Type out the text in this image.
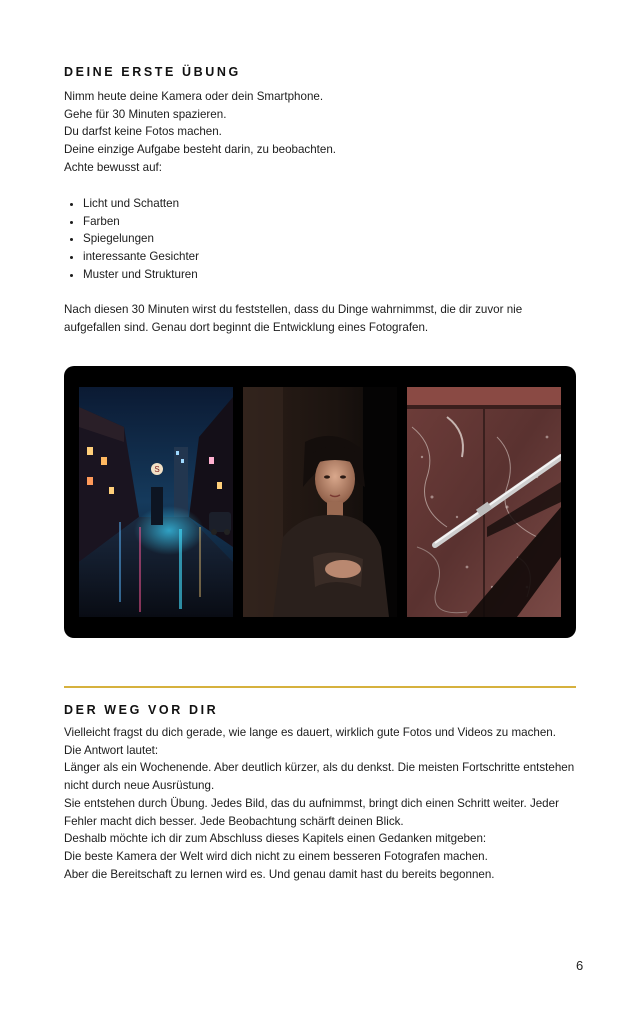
DEINE ERSTE ÜBUNG
Nimm heute deine Kamera oder dein Smartphone.
Gehe für 30 Minuten spazieren.
Du darfst keine Fotos machen.
Deine einzige Aufgabe besteht darin, zu beobachten.
Achte bewusst auf:
• Licht und Schatten
• Farben
• Spiegelungen
• interessante Gesichter
• Muster und Strukturen
Nach diesen 30 Minuten wirst du feststellen, dass du Dinge wahrnimmst, die dir zuvor nie
aufgefallen sind. Genau dort beginnt die Entwicklung eines Fotografen.
S
DER WEG VOR DIR
Vielleicht fragst du dich gerade, wie lange es dauert, wirklich gute Fotos und Videos zu machen.
Die Antwort lautet:
Länger als ein Wochenende. Aber deutlich kürzer, als du denkst. Die meisten Fortschritte entstehen
nicht durch neue Ausrüstung.
Sie entstehen durch Übung. Jedes Bild, das du aufnimmst, bringt dich einen Schritt weiter. Jeder
Fehler macht dich besser. Jede Beobachtung schärft deinen Blick.
Deshalb möchte ich dir zum Abschluss dieses Kapitels einen Gedanken mitgeben:
Die beste Kamera der Welt wird dich nicht zu einem besseren Fotografen machen.
Aber die Bereitschaft zu lernen wird es. Und genau damit hast du bereits begonnen.
6
